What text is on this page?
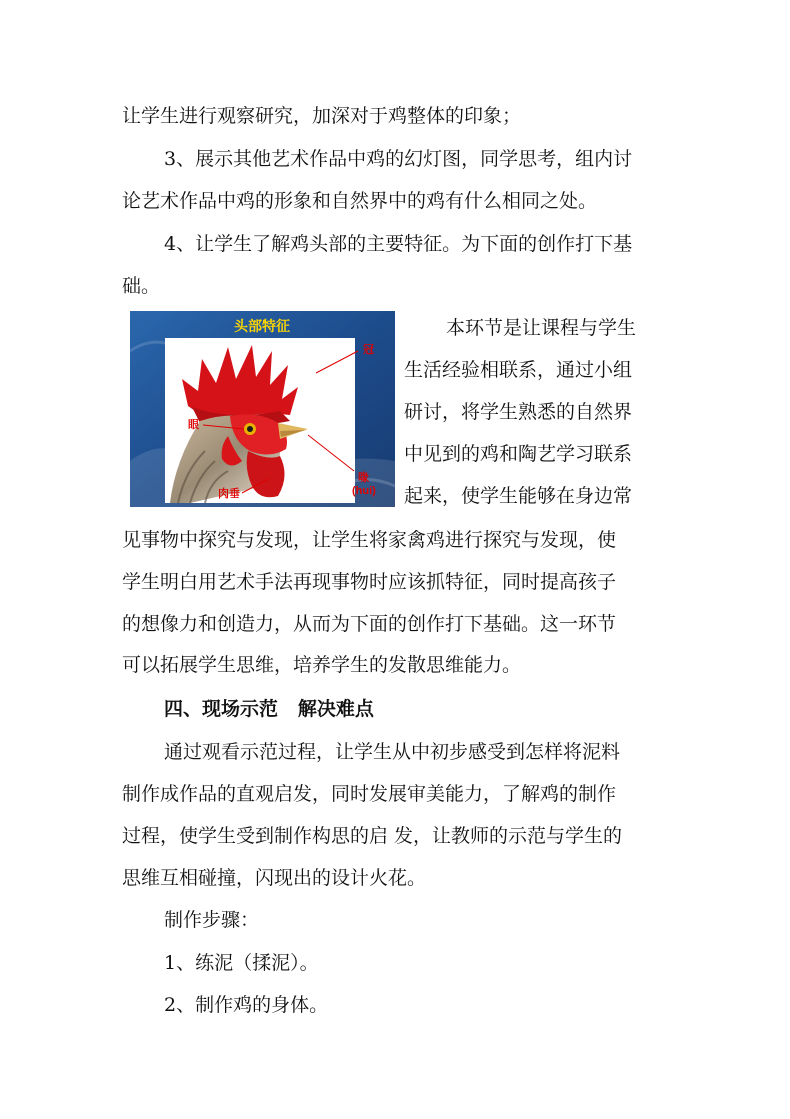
让学生进行观察研究，加深对于鸡整体的印象；
3、展示其他艺术作品中鸡的幻灯图，同学思考，组内讨
论艺术作品中鸡的形象和自然界中的鸡有什么相同之处。
4、让学生了解鸡头部的主要特征。为下面的创作打下基
础。
本环节是让课程与学生
生活经验相联系，通过小组
研讨，将学生熟悉的自然界
中见到的鸡和陶艺学习联系
起来，使学生能够在身边常
见事物中探究与发现，让学生将家禽鸡进行探究与发现，使
学生明白用艺术手法再现事物时应该抓特征，同时提高孩子
的想像力和创造力，从而为下面的创作打下基础。这一环节
可以拓展学生思维，培养学生的发散思维能力。
四、现场示范   解决难点
通过观看示范过程，让学生从中初步感受到怎样将泥料
制作成作品的直观启发，同时发展审美能力，了解鸡的制作
过程，使学生受到制作构思的启 发，让教师的示范与学生的
思维互相碰撞，闪现出的设计火花。
制作步骤：
1、练泥（揉泥）。
2、制作鸡的身体。
头部特征
冠
眼
肉垂
喙
(hui)
